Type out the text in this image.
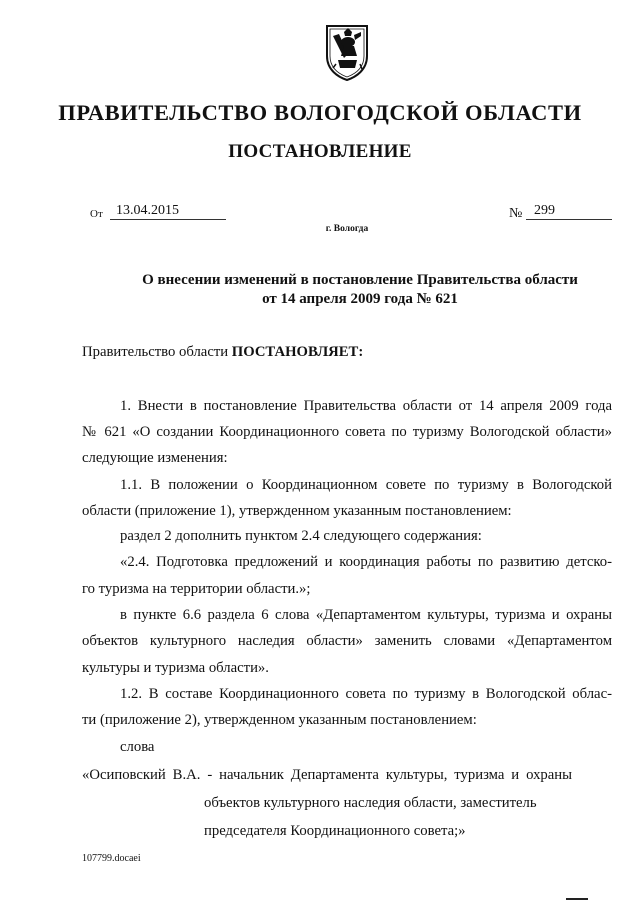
ПРАВИТЕЛЬСТВО ВОЛОГОДСКОЙ ОБЛАСТИ
ПОСТАНОВЛЕНИЕ
От 13.04.2015	№ 299
г. Вологда
О внесении изменений в постановление Правительства области
от 14 апреля 2009 года № 621
Правительство области ПОСТАНОВЛЯЕТ:
1. Внести в постановление Правительства области от 14 апреля 2009 года
№ 621 «О создании Координационного совета по туризму Вологодской области»
следующие изменения:
1.1. В положении о Координационном совете по туризму в Вологодской
области (приложение 1), утвержденном указанным постановлением:
раздел 2 дополнить пунктом 2.4 следующего содержания:
«2.4. Подготовка предложений и координация работы по развитию детско-
го туризма на территории области.»;
в пункте 6.6 раздела 6 слова «Департаментом культуры, туризма и охраны
объектов культурного наследия области» заменить словами «Департаментом
культуры и туризма области».
1.2. В составе Координационного совета по туризму в Вологодской облас-
ти (приложение 2), утвержденном указанным постановлением:
слова
«Осиповский В.А. - начальник Департамента культуры, туризма и охраны
объектов культурного наследия области, заместитель
председателя Координационного совета;»
107799.docaei
